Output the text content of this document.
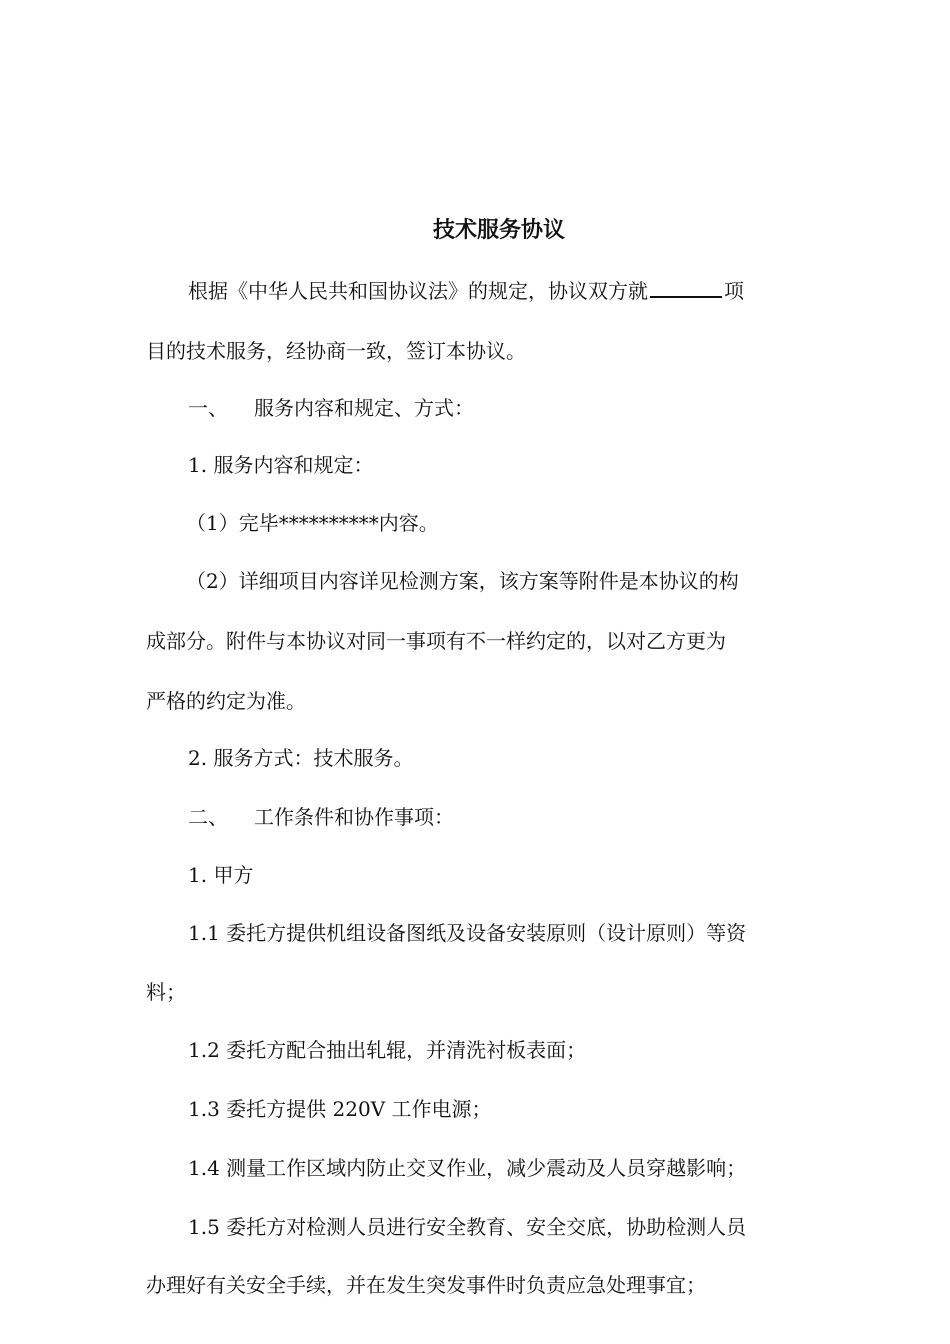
技术服务协议

根据《中华人民共和国协议法》的规定，协议双方就	项

目的技术服务，经协商一致，签订本协议。

一、 服务内容和规定、方式：

1. 服务内容和规定：

（1）完毕**********内容。

（2）详细项目内容详见检测方案，该方案等附件是本协议的构

成部分。附件与本协议对同一事项有不一样约定的，以对乙方更为

严格的约定为准。

2. 服务方式：技术服务。

二、 工作条件和协作事项：

1. 甲方

1.1 委托方提供机组设备图纸及设备安装原则（设计原则）等资

料；

1.2 委托方配合抽出轧辊，并清洗衬板表面；

1.3 委托方提供 220V 工作电源；

1.4 测量工作区域内防止交叉作业，减少震动及人员穿越影响；

1.5 委托方对检测人员进行安全教育、安全交底，协助检测人员

办理好有关安全手续，并在发生突发事件时负责应急处理事宜；
